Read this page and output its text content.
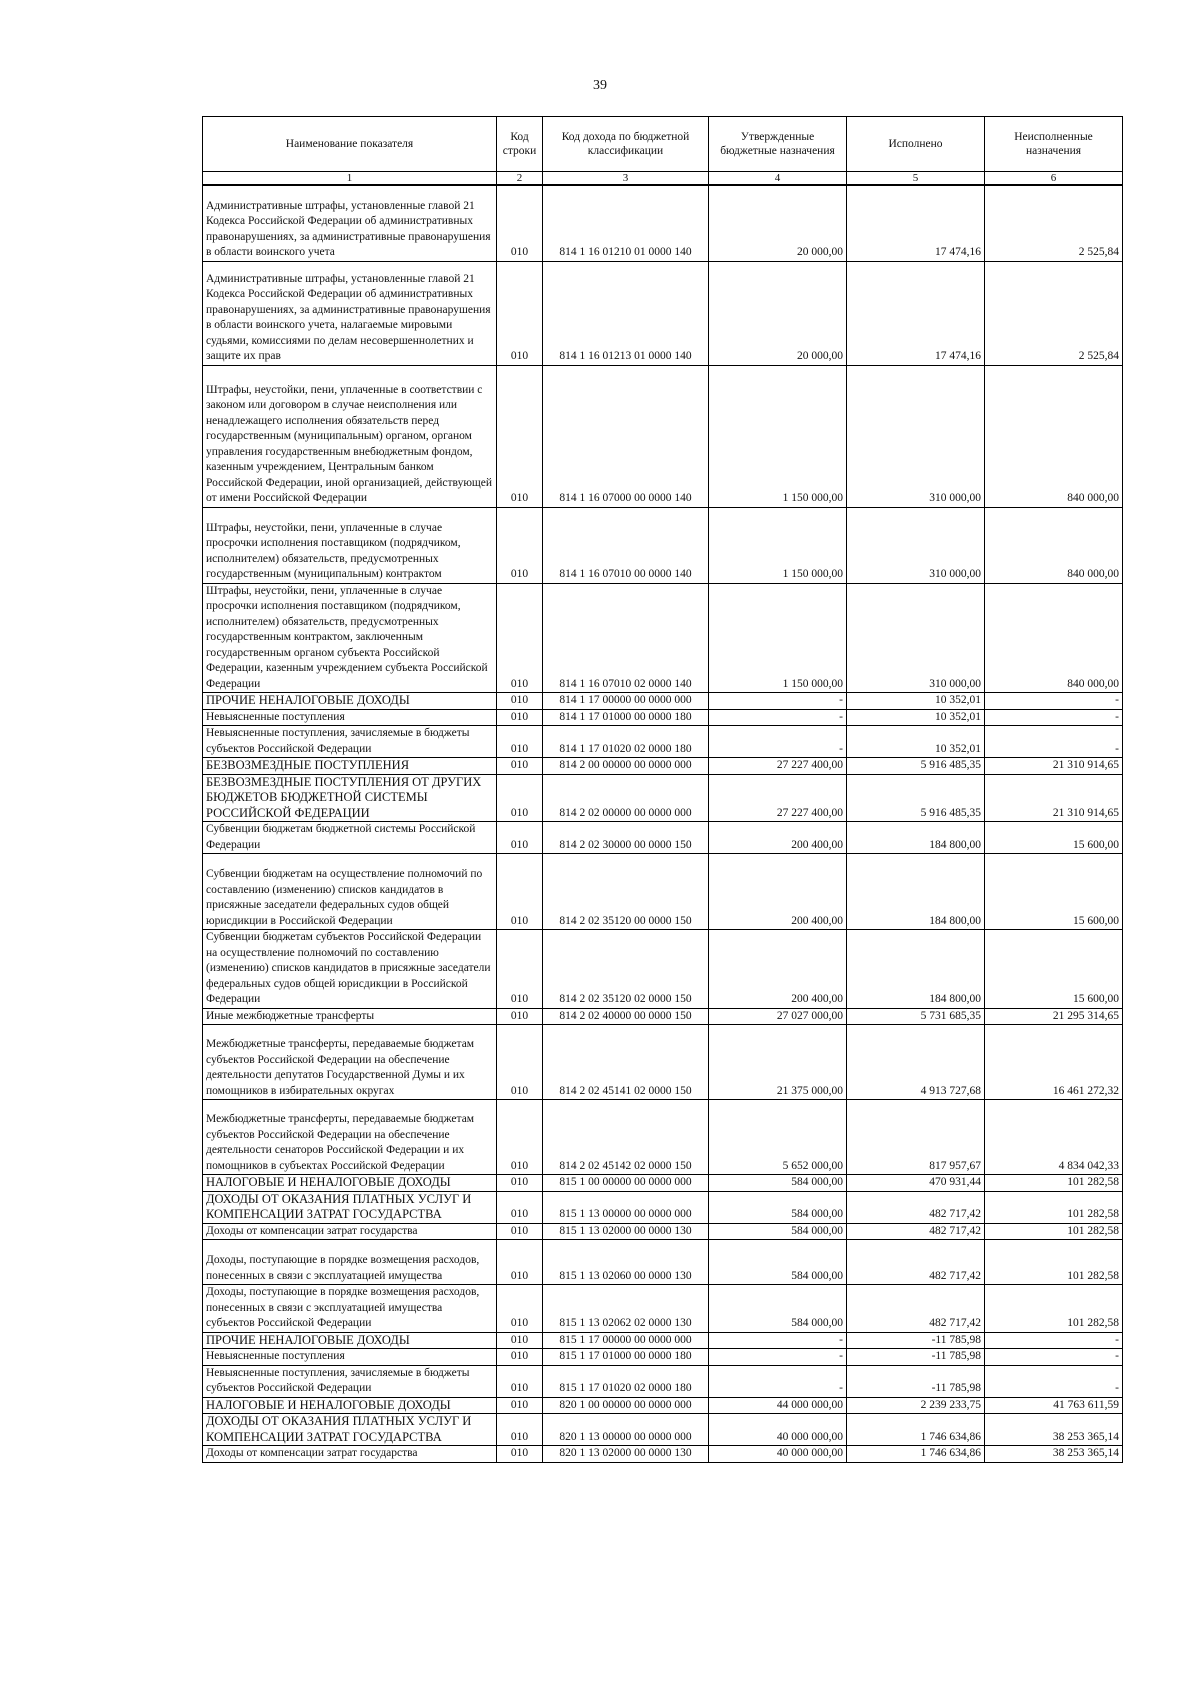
39
Наименование показателя	Код строки	Код дохода по бюджетной классификации	Утвержденные бюджетные назначения	Исполнено	Неисполненные назначения
1	2	3	4	5	6
Административные штрафы, установленные главой 21 Кодекса Российской Федерации об административных правонарушениях, за административные правонарушения в области воинского учета	010	814 1 16 01210 01 0000 140	20 000,00	17 474,16	2 525,84
Административные штрафы, установленные главой 21 Кодекса Российской Федерации об административных правонарушениях, за административные правонарушения в области воинского учета, налагаемые мировыми судьями, комиссиями по делам несовершеннолетних и защите их прав	010	814 1 16 01213 01 0000 140	20 000,00	17 474,16	2 525,84
Штрафы, неустойки, пени, уплаченные в соответствии с законом или договором в случае неисполнения или ненадлежащего исполнения обязательств перед государственным (муниципальным) органом, органом управления государственным внебюджетным фондом, казенным учреждением, Центральным банком Российской Федерации, иной организацией, действующей от имени Российской Федерации	010	814 1 16 07000 00 0000 140	1 150 000,00	310 000,00	840 000,00
Штрафы, неустойки, пени, уплаченные в случае просрочки исполнения поставщиком (подрядчиком, исполнителем) обязательств, предусмотренных государственным (муниципальным) контрактом	010	814 1 16 07010 00 0000 140	1 150 000,00	310 000,00	840 000,00
Штрафы, неустойки, пени, уплаченные в случае просрочки исполнения поставщиком (подрядчиком, исполнителем) обязательств, предусмотренных государственным контрактом, заключенным государственным органом субъекта Российской Федерации, казенным учреждением субъекта Российской Федерации	010	814 1 16 07010 02 0000 140	1 150 000,00	310 000,00	840 000,00
ПРОЧИЕ НЕНАЛОГОВЫЕ ДОХОДЫ	010	814 1 17 00000 00 0000 000	-	10 352,01	-
Невыясненные поступления	010	814 1 17 01000 00 0000 180	-	10 352,01	-
Невыясненные поступления, зачисляемые в бюджеты субъектов Российской Федерации	010	814 1 17 01020 02 0000 180	-	10 352,01	-
БЕЗВОЗМЕЗДНЫЕ ПОСТУПЛЕНИЯ	010	814 2 00 00000 00 0000 000	27 227 400,00	5 916 485,35	21 310 914,65
БЕЗВОЗМЕЗДНЫЕ ПОСТУПЛЕНИЯ ОТ ДРУГИХ БЮДЖЕТОВ БЮДЖЕТНОЙ СИСТЕМЫ РОССИЙСКОЙ ФЕДЕРАЦИИ	010	814 2 02 00000 00 0000 000	27 227 400,00	5 916 485,35	21 310 914,65
Субвенции бюджетам бюджетной системы Российской Федерации	010	814 2 02 30000 00 0000 150	200 400,00	184 800,00	15 600,00
Субвенции бюджетам на осуществление полномочий по составлению (изменению) списков кандидатов в присяжные заседатели федеральных судов общей юрисдикции в Российской Федерации	010	814 2 02 35120 00 0000 150	200 400,00	184 800,00	15 600,00
Субвенции бюджетам субъектов Российской Федерации на осуществление полномочий по составлению (изменению) списков кандидатов в присяжные заседатели федеральных судов общей юрисдикции в Российской Федерации	010	814 2 02 35120 02 0000 150	200 400,00	184 800,00	15 600,00
Иные межбюджетные трансферты	010	814 2 02 40000 00 0000 150	27 027 000,00	5 731 685,35	21 295 314,65
Межбюджетные трансферты, передаваемые бюджетам субъектов Российской Федерации на обеспечение деятельности депутатов Государственной Думы и их помощников в избирательных округах	010	814 2 02 45141 02 0000 150	21 375 000,00	4 913 727,68	16 461 272,32
Межбюджетные трансферты, передаваемые бюджетам субъектов Российской Федерации на обеспечение деятельности сенаторов Российской Федерации и их помощников в субъектах Российской Федерации	010	814 2 02 45142 02 0000 150	5 652 000,00	817 957,67	4 834 042,33
НАЛОГОВЫЕ И НЕНАЛОГОВЫЕ ДОХОДЫ	010	815 1 00 00000 00 0000 000	584 000,00	470 931,44	101 282,58
ДОХОДЫ ОТ ОКАЗАНИЯ ПЛАТНЫХ УСЛУГ И КОМПЕНСАЦИИ ЗАТРАТ ГОСУДАРСТВА	010	815 1 13 00000 00 0000 000	584 000,00	482 717,42	101 282,58
Доходы от компенсации затрат государства	010	815 1 13 02000 00 0000 130	584 000,00	482 717,42	101 282,58
Доходы, поступающие в порядке возмещения расходов, понесенных в связи с эксплуатацией имущества	010	815 1 13 02060 00 0000 130	584 000,00	482 717,42	101 282,58
Доходы, поступающие в порядке возмещения расходов, понесенных в связи с эксплуатацией имущества субъектов Российской Федерации	010	815 1 13 02062 02 0000 130	584 000,00	482 717,42	101 282,58
ПРОЧИЕ НЕНАЛОГОВЫЕ ДОХОДЫ	010	815 1 17 00000 00 0000 000	-	-11 785,98	-
Невыясненные поступления	010	815 1 17 01000 00 0000 180	-	-11 785,98	-
Невыясненные поступления, зачисляемые в бюджеты субъектов Российской Федерации	010	815 1 17 01020 02 0000 180	-	-11 785,98	-
НАЛОГОВЫЕ И НЕНАЛОГОВЫЕ ДОХОДЫ	010	820 1 00 00000 00 0000 000	44 000 000,00	2 239 233,75	41 763 611,59
ДОХОДЫ ОТ ОКАЗАНИЯ ПЛАТНЫХ УСЛУГ И КОМПЕНСАЦИИ ЗАТРАТ ГОСУДАРСТВА	010	820 1 13 00000 00 0000 000	40 000 000,00	1 746 634,86	38 253 365,14
Доходы от компенсации затрат государства	010	820 1 13 02000 00 0000 130	40 000 000,00	1 746 634,86	38 253 365,14
